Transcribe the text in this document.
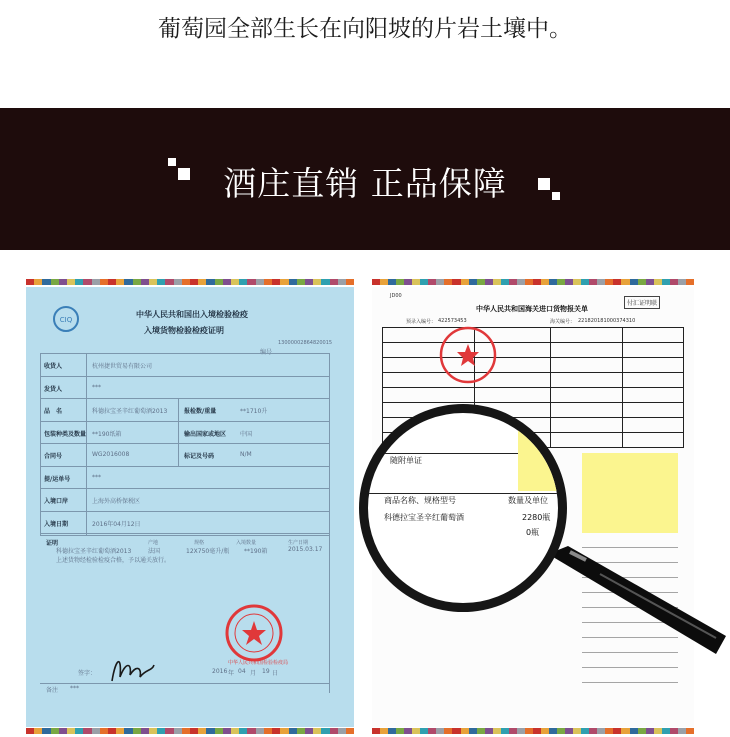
葡萄园全部生长在向阳坡的片岩土壤中。
酒庄直销 正品保障
CIQ
中华人民共和国出入境检验检疫
入境货物检验检疫证明
13000002864820015
收货人	杭州捷世贸易有限公司
发货人	***
品　名	科德拉宝圣辛红葡萄酒2013	报检数/重量	**1710升
包装种类及数量 **190纸箱	输出国家或地区 中国
合同号	WG2016008	标记及号码	N/M
提/运单号	***
入境口岸	上海外高桥保税区
入境日期	2016年04月12日
证明
科德拉宝圣辛红葡萄酒2013	法国	12X750毫升/瓶 **190箱	2015.03.17
产地	规格	入境数量	生产日期
上述货物经检验检疫合格，予以通关放行。
中华人民共和国检验检疫局
签字：	2016 年 04 月 19 日
备注 ***
JD00
中华人民共和国海关进口货物报关单
付汇证明联
预录入编号： 422573453	海关编号： 221820181000374310
随附单证
商品名称、规格型号	数量及单位
科德拉宝圣辛红葡萄酒	2280瓶
0瓶
